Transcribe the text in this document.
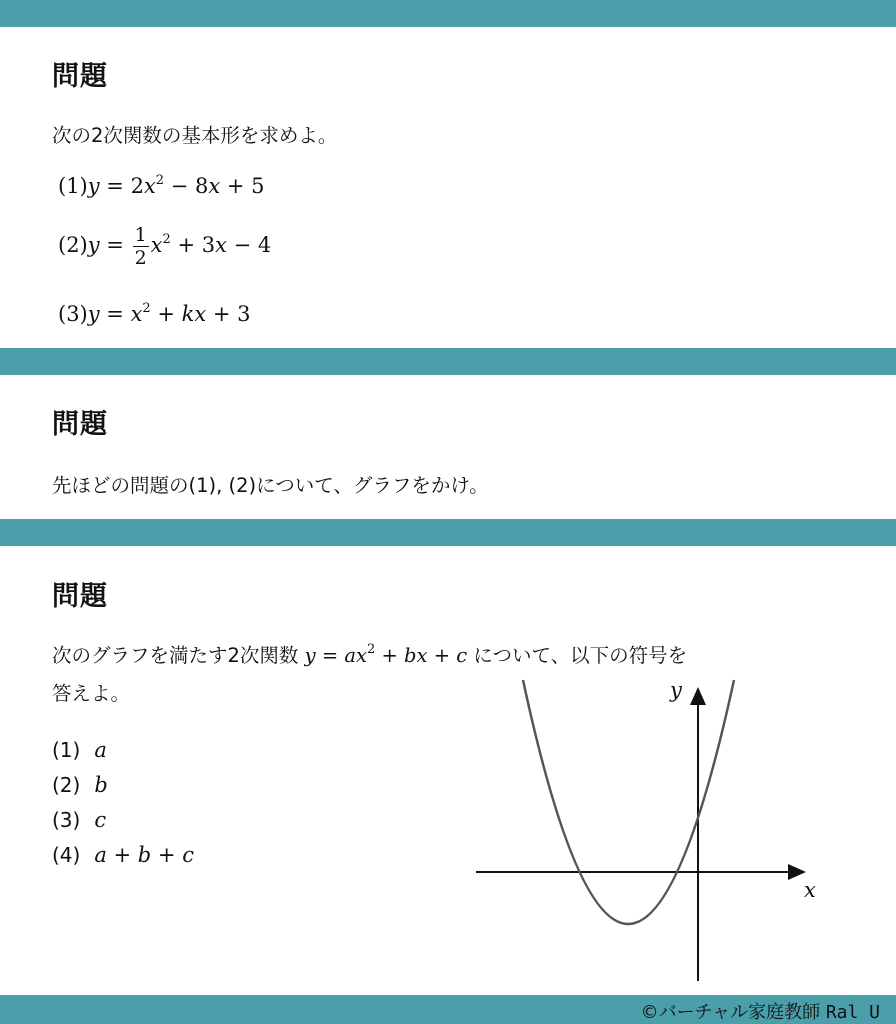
問題
次の2次関数の基本形を求めよ。
$(1)y = 2x^2 - 8x + 5$
$(2)y = \frac{1}{2} x^2 + 3x - 4$
$(3)y = x^2$ + kx + 3
問題
先ほどの問題の(1), (2)について、グラフをかけ。
問題
次のグラフを満たす2次関数 $y = ax^2$ + bx + c について、以下の符号を
答えよ。
(1) a
(2) b
(3) c
(4) a + b + c
y
x
©バーチャル家庭教師 Ral U
